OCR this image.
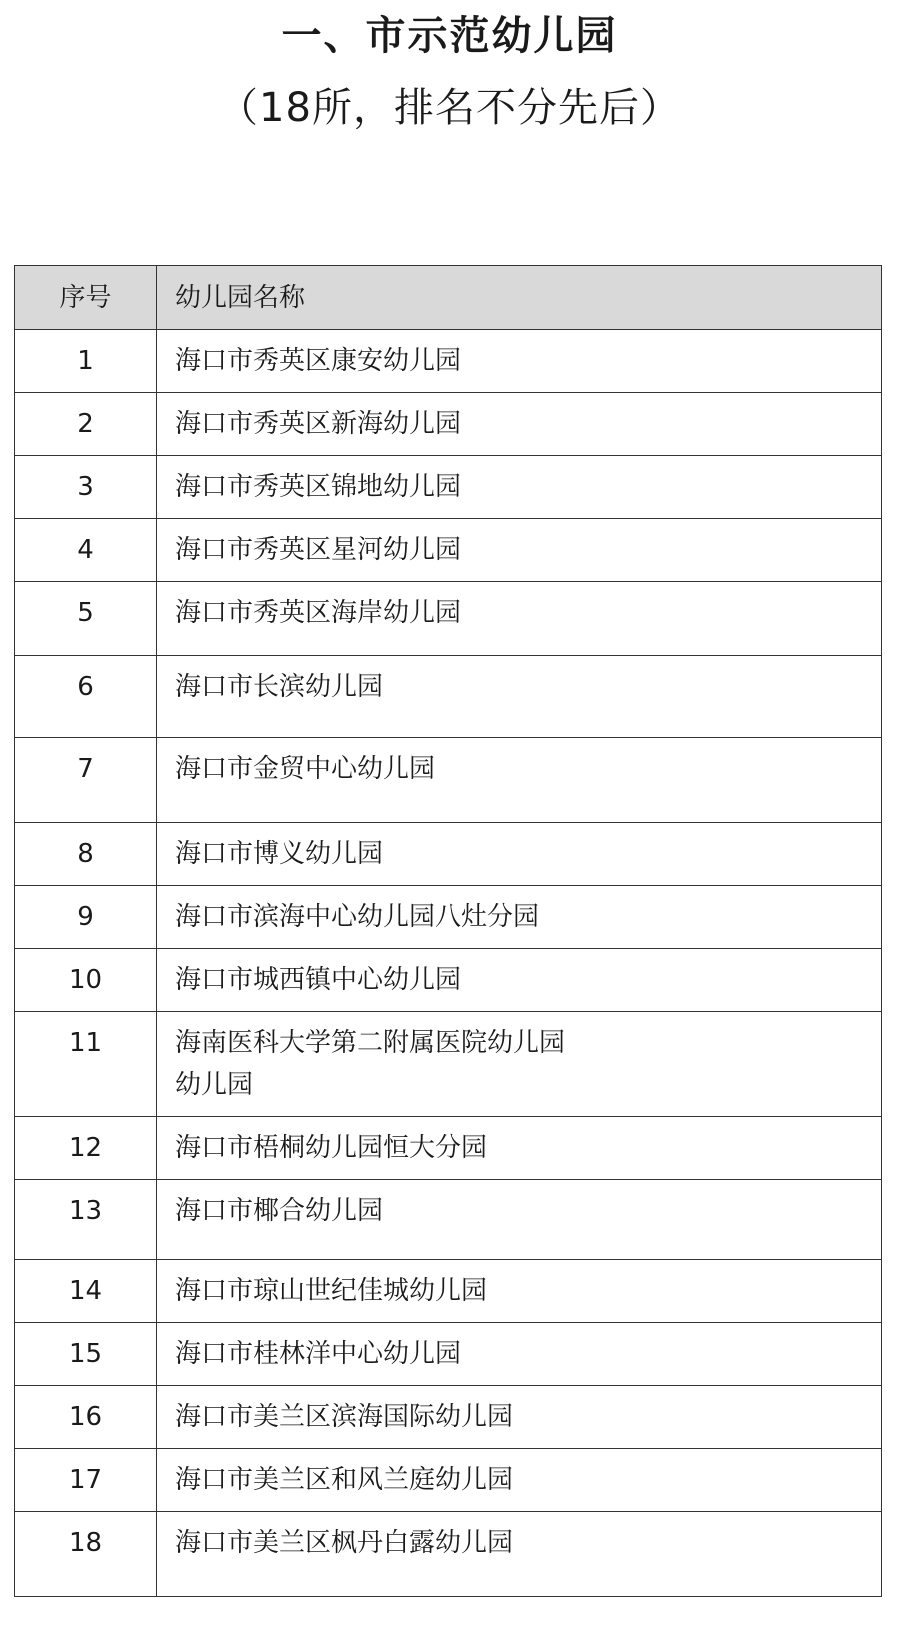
一、市示范幼儿园
（18所，排名不分先后）
序号	幼儿园名称
1	海口市秀英区康安幼儿园

2	海口市秀英区新海幼儿园

3	海口市秀英区锦地幼儿园

4	海口市秀英区星河幼儿园

5	海口市秀英区海岸幼儿园

6	海口市长滨幼儿园

7	海口市金贸中心幼儿园

8	海口市博义幼儿园

9	海口市滨海中心幼儿园八灶分园

10	海口市城西镇中心幼儿园

11	海南医科大学第二附属医院幼儿园
幼儿园

12	海口市梧桐幼儿园恒大分园

13	海口市椰合幼儿园

14	海口市琼山世纪佳城幼儿园

15	海口市桂林洋中心幼儿园

16	海口市美兰区滨海国际幼儿园

17	海口市美兰区和风兰庭幼儿园

18	海口市美兰区枫丹白露幼儿园
